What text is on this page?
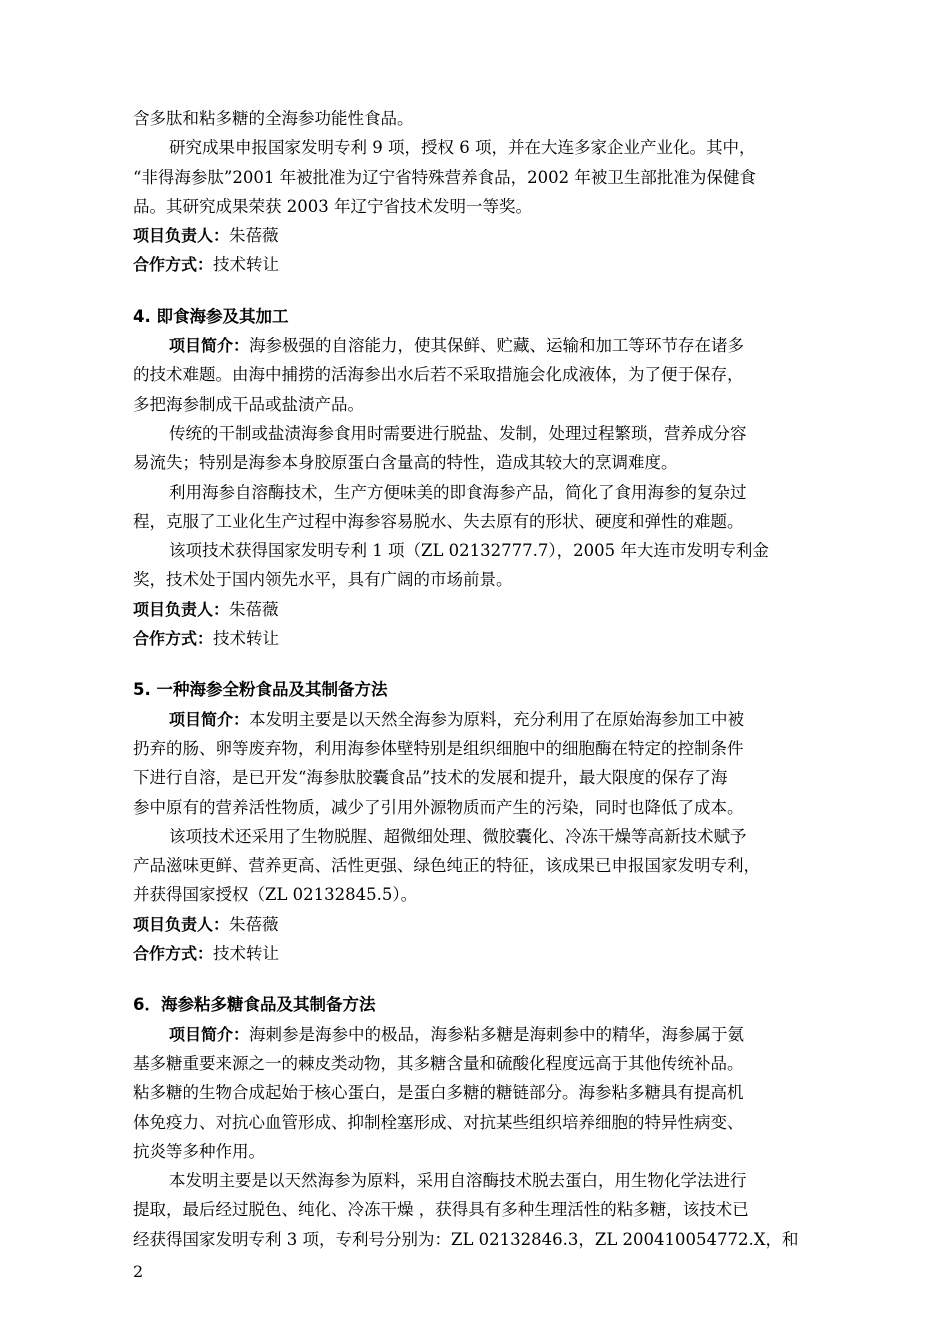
含多肽和粘多糖的全海参功能性食品。
研究成果申报国家发明专利 9 项，授权 6 项，并在大连多家企业产业化。其中，
“非得海参肽”2001 年被批准为辽宁省特殊营养食品，2002 年被卫生部批准为保健食
品。其研究成果荣获 2003 年辽宁省技术发明一等奖。
项目负责人：朱蓓薇
合作方式：技术转让
4. 即食海参及其加工
项目简介：海参极强的自溶能力，使其保鲜、贮藏、运输和加工等环节存在诸多
的技术难题。由海中捕捞的活海参出水后若不采取措施会化成液体，为了便于保存，
多把海参制成干品或盐渍产品。
传统的干制或盐渍海参食用时需要进行脱盐、发制，处理过程繁琐，营养成分容
易流失；特别是海参本身胶原蛋白含量高的特性，造成其较大的烹调难度。
利用海参自溶酶技术，生产方便味美的即食海参产品，简化了食用海参的复杂过
程，克服了工业化生产过程中海参容易脱水、失去原有的形状、硬度和弹性的难题。
该项技术获得国家发明专利 1 项（ZL 02132777.7），2005 年大连市发明专利金
奖，技术处于国内领先水平，具有广阔的市场前景。
项目负责人：朱蓓薇
合作方式：技术转让
5. 一种海参全粉食品及其制备方法
项目简介：本发明主要是以天然全海参为原料，充分利用了在原始海参加工中被
扔弃的肠、卵等废弃物，利用海参体壁特别是组织细胞中的细胞酶在特定的控制条件
下进行自溶，是已开发“海参肽胶囊食品”技术的发展和提升，最大限度的保存了海
参中原有的营养活性物质，减少了引用外源物质而产生的污染，同时也降低了成本。
该项技术还采用了生物脱腥、超微细处理、微胶囊化、冷冻干燥等高新技术赋予
产品滋味更鲜、营养更高、活性更强、绿色纯正的特征，该成果已申报国家发明专利，
并获得国家授权（ZL 02132845.5）。
项目负责人：朱蓓薇
合作方式：技术转让
6．海参粘多糖食品及其制备方法
项目简介：海刺参是海参中的极品，海参粘多糖是海刺参中的精华，海参属于氨
基多糖重要来源之一的棘皮类动物，其多糖含量和硫酸化程度远高于其他传统补品。
粘多糖的生物合成起始于核心蛋白，是蛋白多糖的糖链部分。海参粘多糖具有提高机
体免疫力、对抗心血管形成、抑制栓塞形成、对抗某些组织培养细胞的特异性病变、
抗炎等多种作用。
本发明主要是以天然海参为原料，采用自溶酶技术脱去蛋白，用生物化学法进行
提取，最后经过脱色、纯化、冷冻干燥 ，获得具有多种生理活性的粘多糖，该技术已
经获得国家发明专利 3 项，专利号分别为：ZL 02132846.3，ZL 200410054772.X，和
2
